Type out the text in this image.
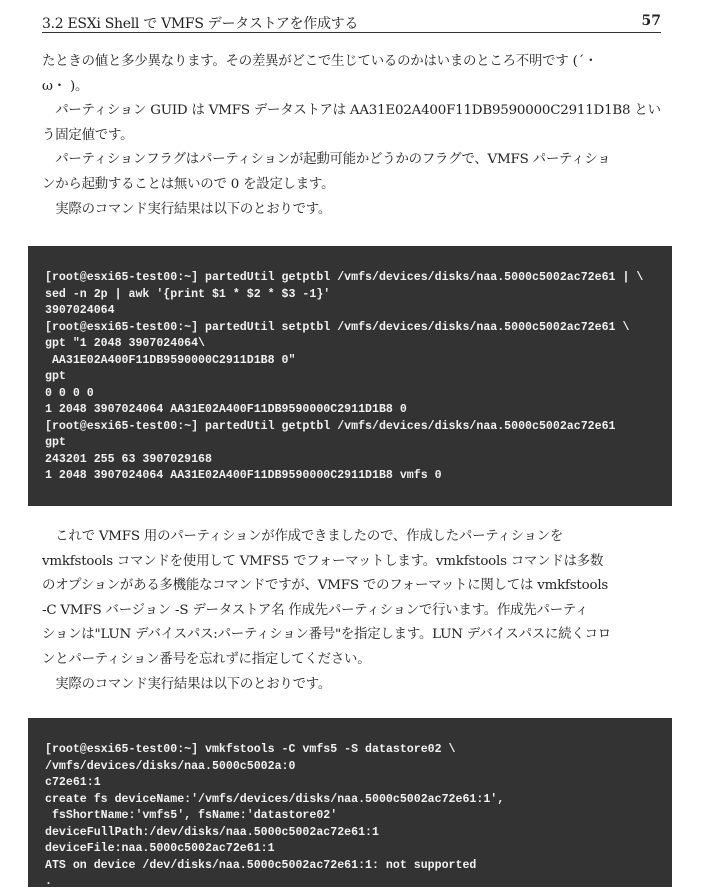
3.2 ESXi Shell で VMFS データストアを作成する	57
たときの値と多少異なります。その差異がどこで生じているのかはいまのところ不明です (´・
ω・ )。
　パーティション GUID は VMFS データストアは AA31E02A400F11DB9590000C2911D1B8 とい
う固定値です。
　パーティションフラグはパーティションが起動可能かどうかのフラグで、VMFS パーティショ
ンから起動することは無いので 0 を設定します。
　実際のコマンド実行結果は以下のとおりです。
[root@esxi65-test00:~] partedUtil getptbl /vmfs/devices/disks/naa.5000c5002ac72e61 | \
sed -n 2p | awk '{print $1 * $2 * $3 -1}'
3907024064
[root@esxi65-test00:~] partedUtil setptbl /vmfs/devices/disks/naa.5000c5002ac72e61 \
gpt "1 2048 3907024064\
AA31E02A400F11DB9590000C2911D1B8 0"
gpt
0 0 0 0
1 2048 3907024064 AA31E02A400F11DB9590000C2911D1B8 0
[root@esxi65-test00:~] partedUtil getptbl /vmfs/devices/disks/naa.5000c5002ac72e61
gpt
243201 255 63 3907029168
1 2048 3907024064 AA31E02A400F11DB9590000C2911D1B8 vmfs 0
　これで VMFS 用のパーティションが作成できましたので、作成したパーティションを
vmkfstools コマンドを使用して VMFS5 でフォーマットします。vmkfstools コマンドは多数
のオプションがある多機能なコマンドですが、VMFS でのフォーマットに関しては vmkfstools
-C VMFS バージョン -S データストア名 作成先パーティションで行います。作成先パーティ
ションは"LUN デバイスパス:パーティション番号"を指定します。LUN デバイスパスに続くコロ
ンとパーティション番号を忘れずに指定してください。
　実際のコマンド実行結果は以下のとおりです。
[root@esxi65-test00:~] vmkfstools -C vmfs5 -S datastore02 \
/vmfs/devices/disks/naa.5000c5002a:0
c72e61:1
create fs deviceName:'/vmfs/devices/disks/naa.5000c5002ac72e61:1',
fsShortName:'vmfs5', fsName:'datastore02'
deviceFullPath:/dev/disks/naa.5000c5002ac72e61:1
deviceFile:naa.5000c5002ac72e61:1
ATS on device /dev/disks/naa.5000c5002ac72e61:1: not supported
.
